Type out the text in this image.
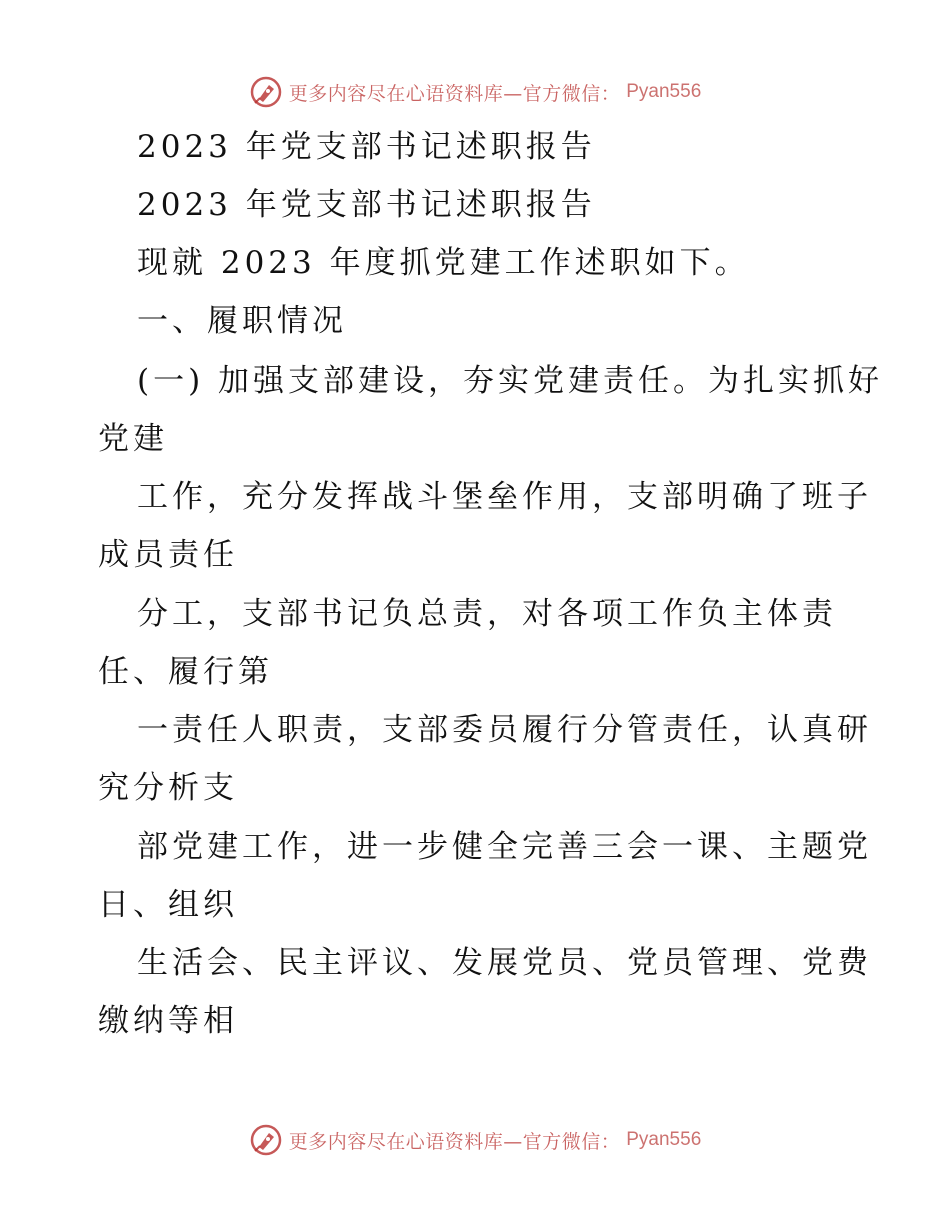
更多内容尽在心语资料库—官方微信： Pyan556
2023 年党支部书记述职报告
2023 年党支部书记述职报告
现就 2023 年度抓党建工作述职如下。
一、履职情况
(一) 加强支部建设，夯实党建责任。为扎实抓好
党建
工作，充分发挥战斗堡垒作用，支部明确了班子
成员责任
分工，支部书记负总责，对各项工作负主体责
任、履行第
一责任人职责，支部委员履行分管责任，认真研
究分析支
部党建工作，进一步健全完善三会一课、主题党
日、组织
生活会、民主评议、发展党员、党员管理、党费
缴纳等相
更多内容尽在心语资料库—官方微信： Pyan556
